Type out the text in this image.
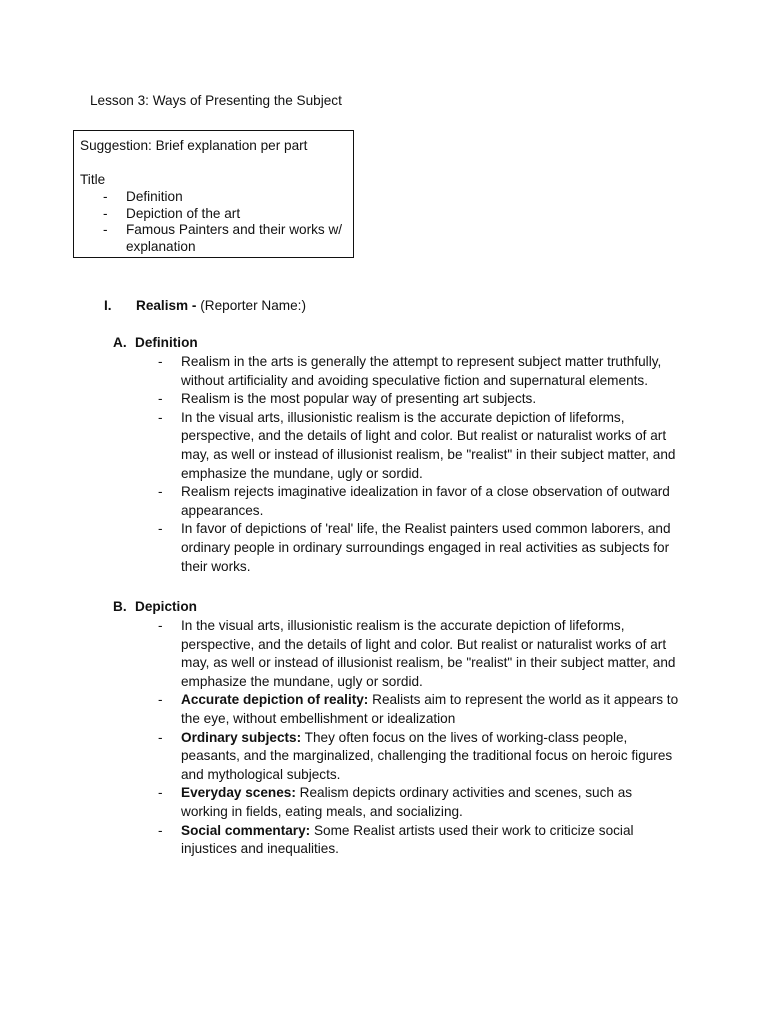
Lesson 3: Ways of Presenting the Subject
Suggestion: Brief explanation per part
Title
-	Definition
-	Depiction of the art
-	Famous Painters and their works w/ explanation
I.	Realism -
(Reporter Name:)
A. Definition
-	Realism in the arts is generally the attempt to represent subject matter truthfully, without artificiality and avoiding speculative fiction and supernatural elements.
-	Realism is the most popular way of presenting art subjects.
-	In the visual arts, illusionistic realism is the accurate depiction of lifeforms, perspective, and the details of light and color. But realist or naturalist works of art may, as well or instead of illusionist realism, be "realist" in their subject matter, and emphasize the mundane, ugly or sordid.
-	Realism rejects imaginative idealization in favor of a close observation of outward appearances.
-	In favor of depictions of 'real' life, the Realist painters used common laborers, and ordinary people in ordinary surroundings engaged in real activities as subjects for their works.
B. Depiction
-	In the visual arts, illusionistic realism is the accurate depiction of lifeforms, perspective, and the details of light and color. But realist or naturalist works of art may, as well or instead of illusionist realism, be "realist" in their subject matter, and emphasize the mundane, ugly or sordid.
-	Accurate depiction of reality: Realists aim to represent the world as it appears to the eye, without embellishment or idealization
-	Ordinary subjects: They often focus on the lives of working-class people, peasants, and the marginalized, challenging the traditional focus on heroic figures and mythological subjects.
-	Everyday scenes: Realism depicts ordinary activities and scenes, such as working in fields, eating meals, and socializing.
-	Social commentary: Some Realist artists used their work to criticize social injustices and inequalities.
